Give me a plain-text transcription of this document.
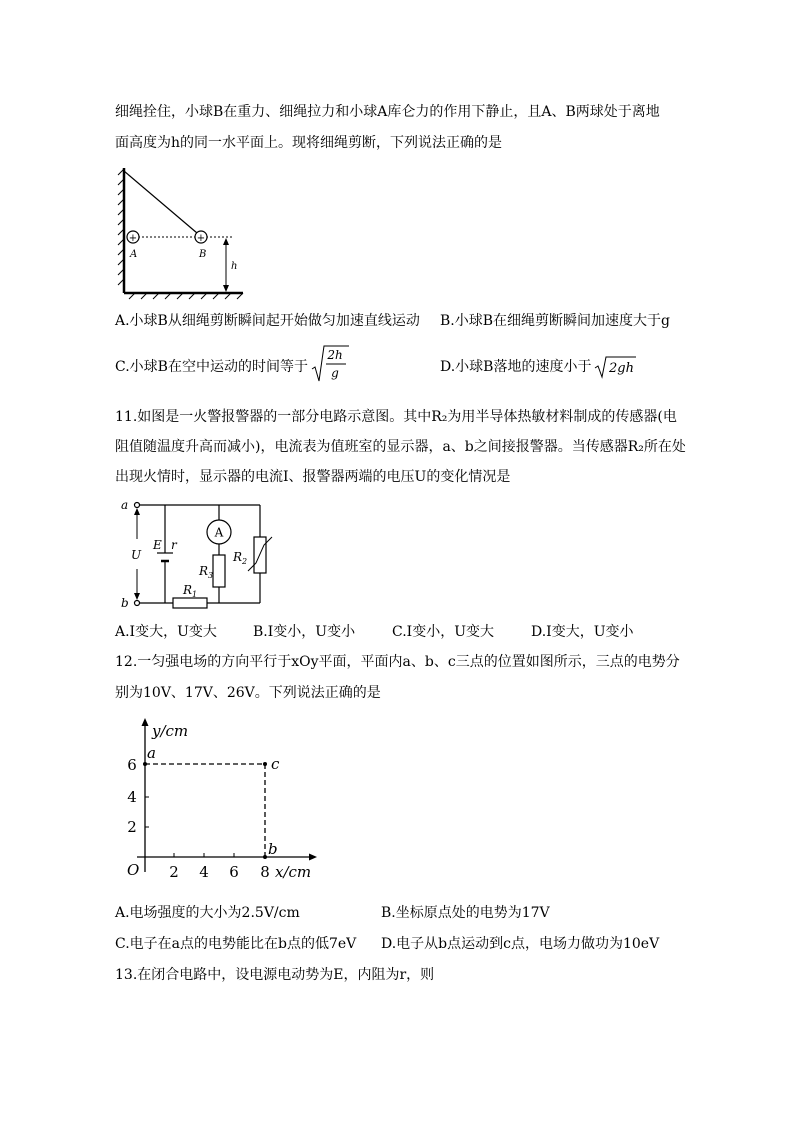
细绳拴住，小球B在重力、细绳拉力和小球A库仑力的作用下静止，且A、B两球处于离地
面高度为h的同一水平面上。现将细绳剪断，下列说法正确的是
+	+
A	B
h
A.小球B从细绳剪断瞬间起开始做匀加速直线运动 B.小球B在细绳剪断瞬间加速度大于g
C.小球B在空中运动的时间等于
2h
g	D.小球B落地的速度小于 2gh
11.如图是一火警报警器的一部分电路示意图。其中R₂为用半导体热敏材料制成的传感器(电
阻值随温度升高而减小)，电流表为值班室的显示器，a、b之间接报警器。当传感器R₂所在处
出现火情时，显示器的电流I、报警器两端的电压U的变化情况是
A
a
b
U
E r
$R_1$
$R_3$
$R_2$
A.I变大，U变大	B.I变小，U变小	C.I变小，U变大	D.I变大，U变小
12.一匀强电场的方向平行于xOy平面，平面内a、b、c三点的位置如图所示，三点的电势分
别为10V、17V、26V。下列说法正确的是
y/cm
x/cm
O 2 4 6 8
2
4
6
a
c
b
A.电场强度的大小为2.5V/cm	B.坐标原点处的电势为17V
C.电子在a点的电势能比在b点的低7eV D.电子从b点运动到c点，电场力做功为10eV
13.在闭合电路中，设电源电动势为E，内阻为r，则
